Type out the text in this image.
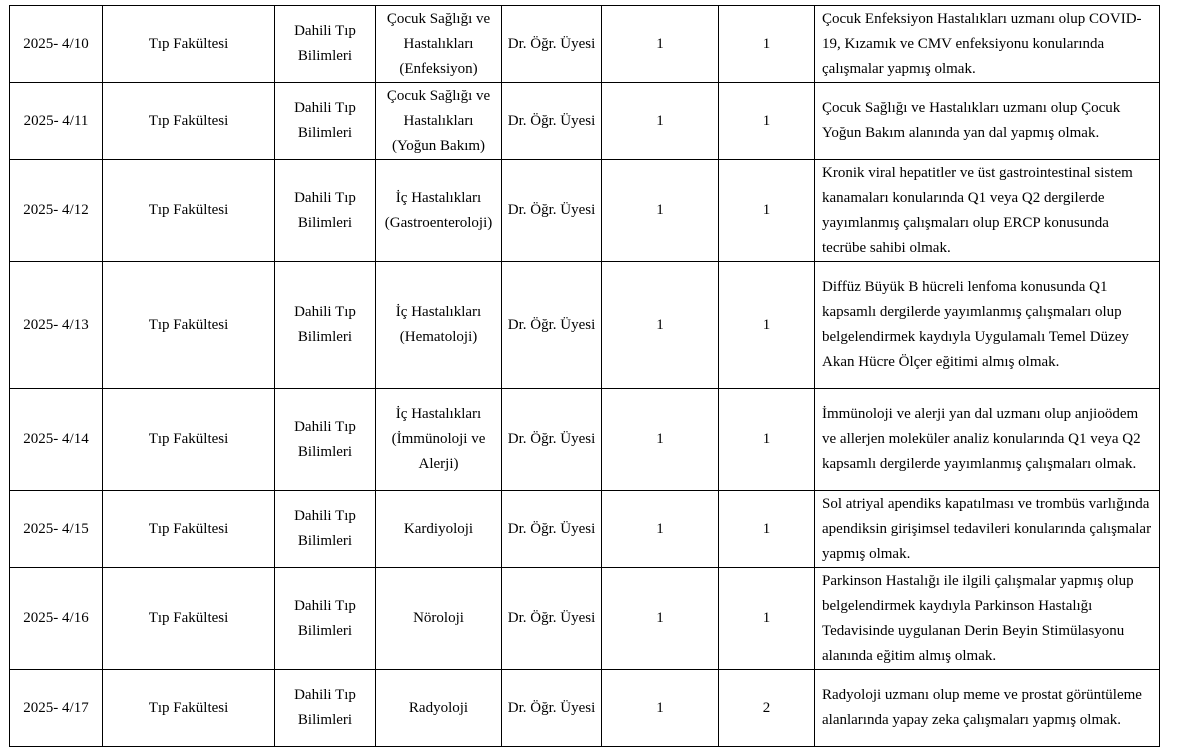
2025- 4/10	Tıp Fakültesi	Dahili Tıp Bilimleri	Çocuk Sağlığı ve Hastalıkları (Enfeksiyon)	Dr. Öğr. Üyesi	1	1	Çocuk Enfeksiyon Hastalıkları uzmanı olup COVID-19, Kızamık ve CMV enfeksiyonu konularında çalışmalar yapmış olmak.
2025- 4/11	Tıp Fakültesi	Dahili Tıp Bilimleri	Çocuk Sağlığı ve Hastalıkları (Yoğun Bakım)	Dr. Öğr. Üyesi	1	1	Çocuk Sağlığı ve Hastalıkları uzmanı olup Çocuk Yoğun Bakım alanında yan dal yapmış olmak.
2025- 4/12	Tıp Fakültesi	Dahili Tıp Bilimleri	İç Hastalıkları (Gastroenteroloji)	Dr. Öğr. Üyesi	1	1	Kronik viral hepatitler ve üst gastrointestinal sistem kanamaları konularında Q1 veya Q2 dergilerde yayımlanmış çalışmaları olup ERCP konusunda tecrübe sahibi olmak.
2025- 4/13	Tıp Fakültesi	Dahili Tıp Bilimleri	İç Hastalıkları (Hematoloji)	Dr. Öğr. Üyesi	1	1	Diffüz Büyük B hücreli lenfoma konusunda Q1 kapsamlı dergilerde yayımlanmış çalışmaları olup belgelendirmek kaydıyla Uygulamalı Temel Düzey Akan Hücre Ölçer eğitimi almış olmak.
2025- 4/14	Tıp Fakültesi	Dahili Tıp Bilimleri	İç Hastalıkları (İmmünoloji ve Alerji)	Dr. Öğr. Üyesi	1	1	İmmünoloji ve alerji yan dal uzmanı olup anjioödem ve allerjen moleküler analiz konularında Q1 veya Q2 kapsamlı dergilerde yayımlanmış çalışmaları olmak.
2025- 4/15	Tıp Fakültesi	Dahili Tıp Bilimleri	Kardiyoloji	Dr. Öğr. Üyesi	1	1	Sol atriyal apendiks kapatılması ve trombüs varlığında apendiksin girişimsel tedavileri konularında çalışmalar yapmış olmak.
2025- 4/16	Tıp Fakültesi	Dahili Tıp Bilimleri	Nöroloji	Dr. Öğr. Üyesi	1	1	Parkinson Hastalığı ile ilgili çalışmalar yapmış olup belgelendirmek kaydıyla Parkinson Hastalığı Tedavisinde uygulanan Derin Beyin Stimülasyonu alanında eğitim almış olmak.
2025- 4/17	Tıp Fakültesi	Dahili Tıp Bilimleri	Radyoloji	Dr. Öğr. Üyesi	1	2	Radyoloji uzmanı olup meme ve prostat görüntüleme alanlarında yapay zeka çalışmaları yapmış olmak.
